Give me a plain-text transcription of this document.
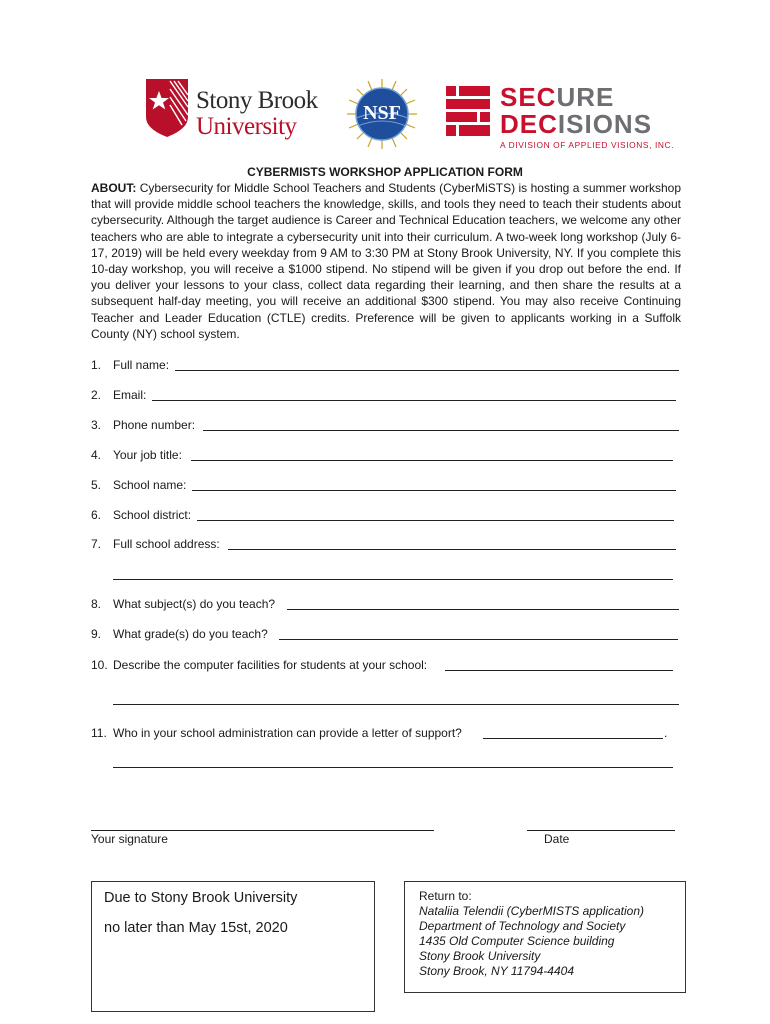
Stony Brook
University	NSF
SECURE
DECISIONS
A DIVISION OF APPLIED VISIONS, INC.
CYBERMISTS WORKSHOP APPLICATION FORM
ABOUT: Cybersecurity for Middle School Teachers and Students (CyberMiSTS) is hosting a summer workshop that will provide middle school teachers the knowledge, skills, and tools they need to teach their students about cybersecurity. Although the target audience is Career and Technical Education teachers, we welcome any other teachers who are able to integrate a cybersecurity unit into their curriculum. A two-week long workshop (July 6-17, 2019) will be held every weekday from 9 AM to 3:30 PM at Stony Brook University, NY. If you complete this 10-day workshop, you will receive a $1000 stipend. No stipend will be given if you drop out before the end. If you deliver your lessons to your class, collect data regarding their learning, and then share the results at a subsequent half-day meeting, you will receive an additional $300 stipend. You may also receive Continuing Teacher and Leader Education (CTLE) credits. Preference will be given to applicants working in a Suffolk County (NY) school system.
1. Full name:
2. Email:
3. Phone number:
4. Your job title:
5. School name:
6. School district:
7. Full school address:
8. What subject(s) do you teach?
9. What grade(s) do you teach?
10. Describe the computer facilities for students at your school:
11. Who in your school administration can provide a letter of support?	.
Your signature	Date
Due to Stony Brook University
no later than May 15st, 2020
Return to:
Nataliia Telendii (CyberMISTS application)
Department of Technology and Society
1435 Old Computer Science building
Stony Brook University
Stony Brook, NY 11794-4404
